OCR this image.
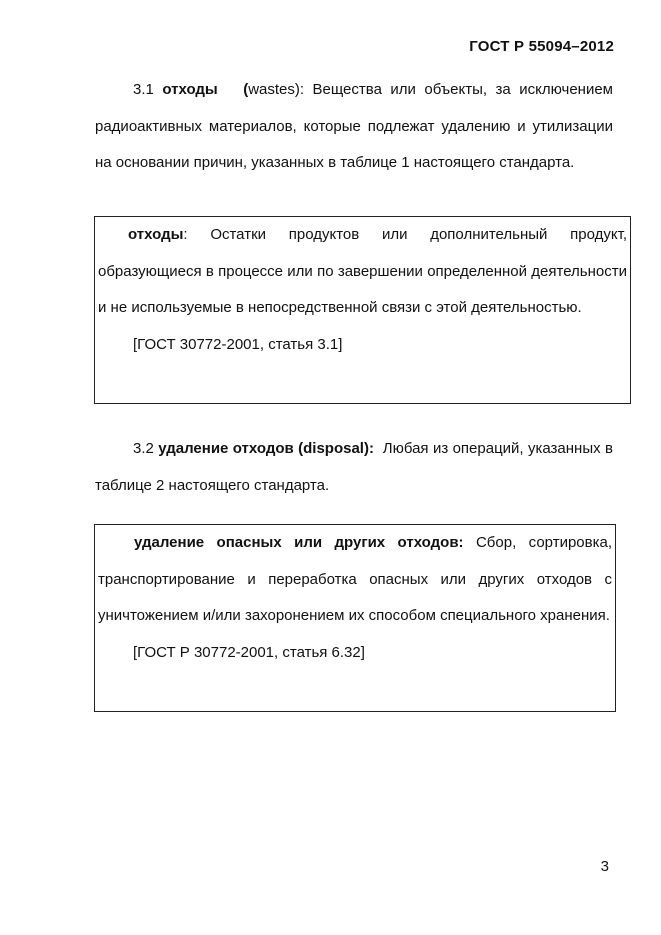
ГОСТ Р 55094–2012

3.1 отходы (wastes): Вещества или объекты, за исключением радиоактивных материалов, которые подлежат удалению и утилизации на основании причин, указанных в таблице 1 настоящего стандарта.

отходы: Остатки продуктов или дополнительный продукт, образующиеся в процессе или по завершении определенной деятельности и не используемые в непосредственной связи с этой деятельностью.

[ГОСТ 30772-2001, статья 3.1]

3.2 удаление отходов (disposal): Любая из операций, указанных в таблице 2 настоящего стандарта.

удаление опасных или других отходов: Сбор, сортировка, транспортирование и переработка опасных или других отходов с уничтожением и/или захоронением их способом специального хранения.

[ГОСТ Р 30772-2001, статья 6.32]

3
